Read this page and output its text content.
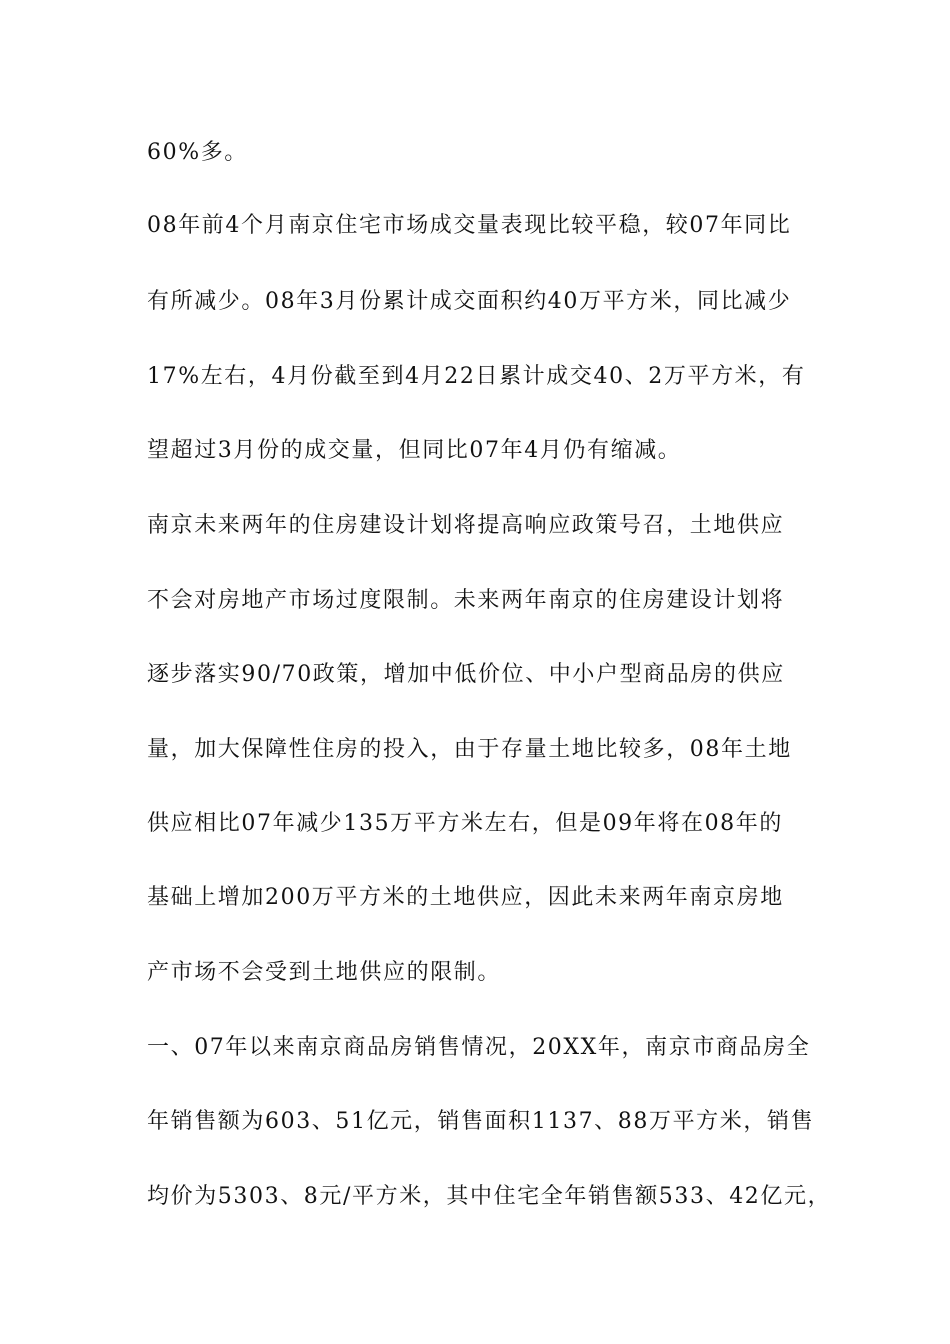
60%多。
08年前4个月南京住宅市场成交量表现比较平稳，较07年同比
有所减少。08年3月份累计成交面积约40万平方米，同比减少
17%左右，4月份截至到4月22日累计成交40、2万平方米，有
望超过3月份的成交量，但同比07年4月仍有缩减。
南京未来两年的住房建设计划将提高响应政策号召，土地供应
不会对房地产市场过度限制。未来两年南京的住房建设计划将
逐步落实90/70政策，增加中低价位、中小户型商品房的供应
量，加大保障性住房的投入，由于存量土地比较多，08年土地
供应相比07年减少135万平方米左右，但是09年将在08年的
基础上增加200万平方米的土地供应，因此未来两年南京房地
产市场不会受到土地供应的限制。
一、07年以来南京商品房销售情况，20XX年，南京市商品房全
年销售额为603、51亿元，销售面积1137、88万平方米，销售
均价为5303、8元/平方米，其中住宅全年销售额533、42亿元，
